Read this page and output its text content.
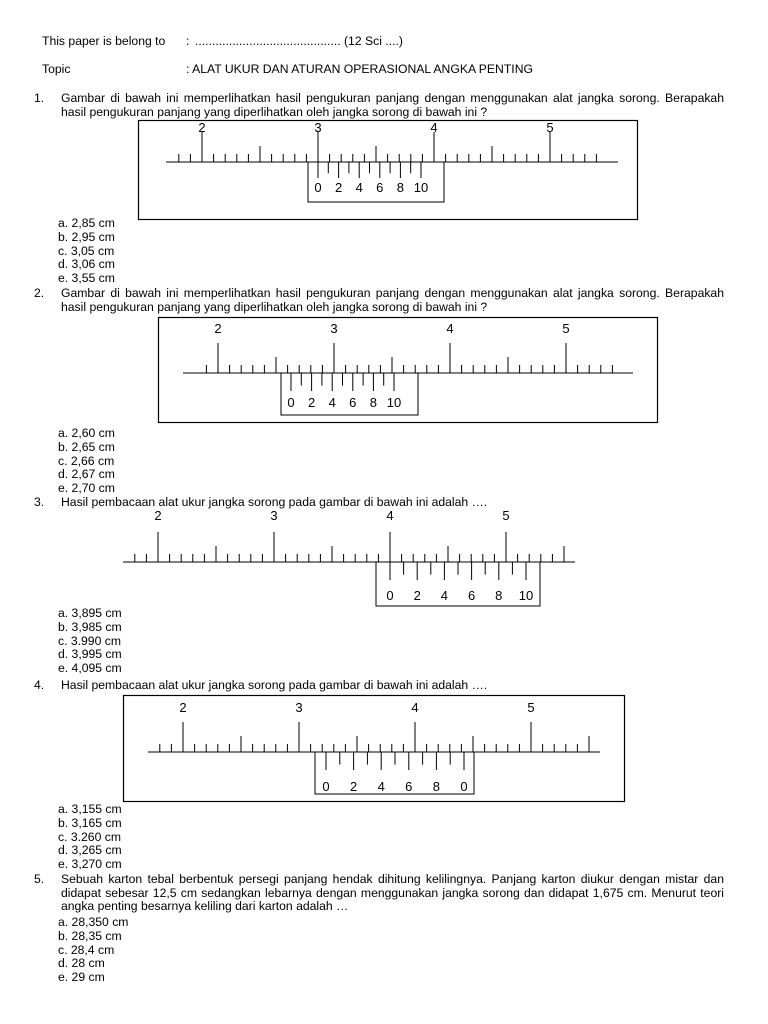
This paper is belong to : ........................................... (12 Sci ....)
Topic	: ALAT UKUR DAN ATURAN OPERASIONAL ANGKA PENTING
1. Gambar di bawah ini memperlihatkan hasil pengukuran panjang dengan menggunakan alat jangka sorong. Berapakah hasil pengukuran panjang yang diperlihatkan oleh jangka sorong di bawah ini ?
2	3	4	5
0 2 4 6 8 10
a. 2,85 cm
b. 2,95 cm
c. 3,05 cm
d. 3,06 cm
e. 3,55 cm
2. Gambar di bawah ini memperlihatkan hasil pengukuran panjang dengan menggunakan alat jangka sorong. Berapakah hasil pengukuran panjang yang diperlihatkan oleh jangka sorong di bawah ini ?
2	3	4	5
0 2 4 6 8 10
a. 2,60 cm
b. 2,65 cm
c. 2,66 cm
d. 2,67 cm
e. 2,70 cm
3. Hasil pembacaan alat ukur jangka sorong pada gambar di bawah ini adalah ….
2	3	4	5
0 2 4 6 8 10
a. 3,895 cm
b. 3,985 cm
c. 3.990 cm
d. 3,995 cm
e. 4,095 cm
4. Hasil pembacaan alat ukur jangka sorong pada gambar di bawah ini adalah ….
2	3	4	5
0 2 4 6 8 0
a. 3,155 cm
b. 3,165 cm
c. 3.260 cm
d. 3,265 cm
e. 3,270 cm
5. Sebuah karton tebal berbentuk persegi panjang hendak dihitung kelilingnya. Panjang karton diukur dengan mistar dan didapat sebesar 12,5 cm sedangkan lebarnya dengan menggunakan jangka sorong dan didapat 1,675 cm. Menurut teori angka penting besarnya keliling dari karton adalah …
a. 28,350 cm
b. 28,35 cm
c. 28,4 cm
d. 28 cm
e. 29 cm
